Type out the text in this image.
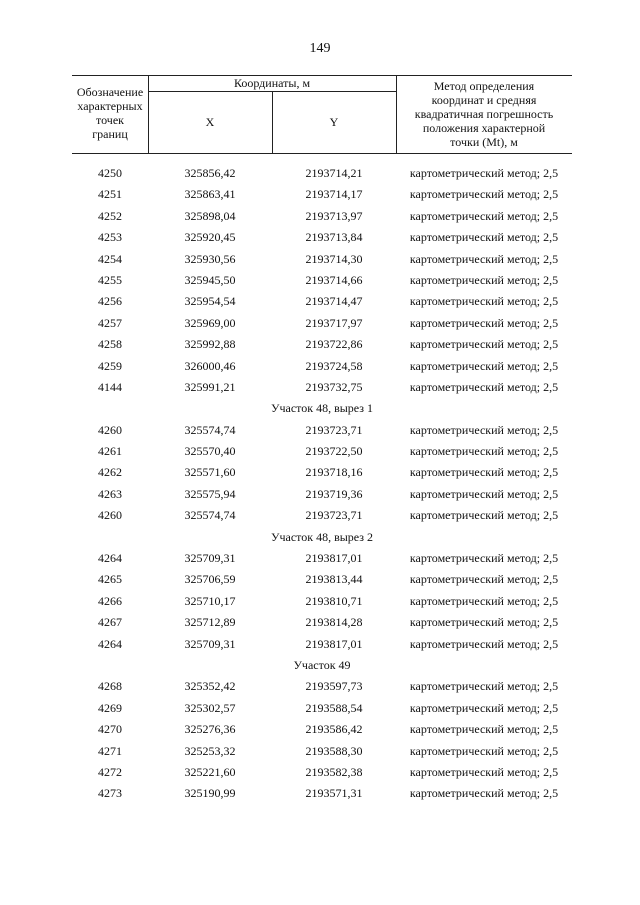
149
Обозначение
характерных
точек
границ
Координаты, м
X	Y
Метод определения
координат и средняя
квадратичная погрешность
положения характерной
точки (Mt), м
4250	325856,42	2193714,21	картометрический метод; 2,5
4251	325863,41	2193714,17	картометрический метод; 2,5
4252	325898,04	2193713,97	картометрический метод; 2,5
4253	325920,45	2193713,84	картометрический метод; 2,5
4254	325930,56	2193714,30	картометрический метод; 2,5
4255	325945,50	2193714,66	картометрический метод; 2,5
4256	325954,54	2193714,47	картометрический метод; 2,5
4257	325969,00	2193717,97	картометрический метод; 2,5
4258	325992,88	2193722,86	картометрический метод; 2,5
4259	326000,46	2193724,58	картометрический метод; 2,5
4144	325991,21	2193732,75	картометрический метод; 2,5
Участок 48, вырез 1
4260	325574,74	2193723,71	картометрический метод; 2,5
4261	325570,40	2193722,50	картометрический метод; 2,5
4262	325571,60	2193718,16	картометрический метод; 2,5
4263	325575,94	2193719,36	картометрический метод; 2,5
4260	325574,74	2193723,71	картометрический метод; 2,5
Участок 48, вырез 2
4264	325709,31	2193817,01	картометрический метод; 2,5
4265	325706,59	2193813,44	картометрический метод; 2,5
4266	325710,17	2193810,71	картометрический метод; 2,5
4267	325712,89	2193814,28	картометрический метод; 2,5
4264	325709,31	2193817,01	картометрический метод; 2,5
Участок 49
4268	325352,42	2193597,73	картометрический метод; 2,5
4269	325302,57	2193588,54	картометрический метод; 2,5
4270	325276,36	2193586,42	картометрический метод; 2,5
4271	325253,32	2193588,30	картометрический метод; 2,5
4272	325221,60	2193582,38	картометрический метод; 2,5
4273	325190,99	2193571,31	картометрический метод; 2,5
